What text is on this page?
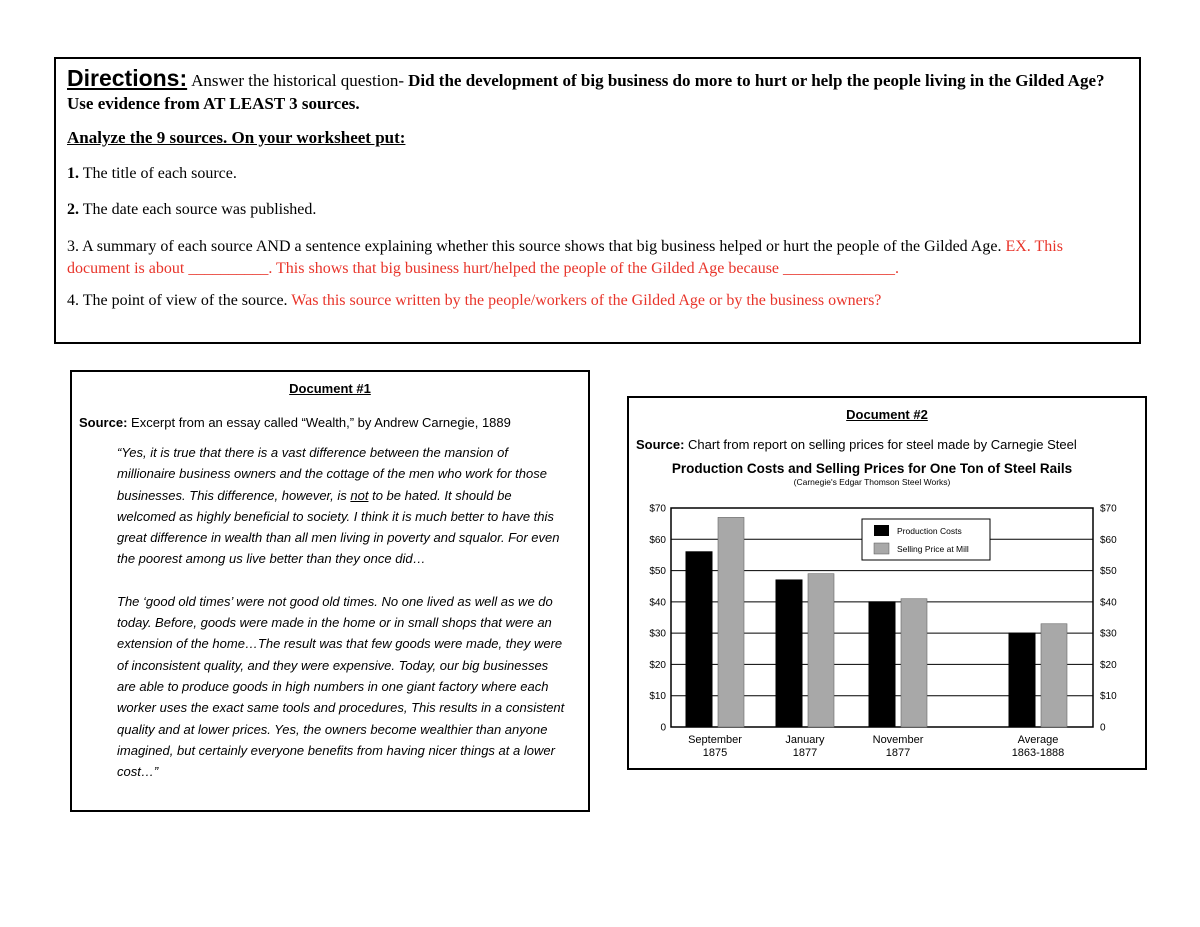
Directions: Answer the historical question- Did the development of big business do more to hurt or help the people living in the Gilded Age? Use evidence from AT LEAST 3 sources.

Analyze the 9 sources. On your worksheet put:

1. The title of each source.

2. The date each source was published.

3. A summary of each source AND a sentence explaining whether this source shows that big business helped or hurt the people of the Gilded Age. EX. This document is about __________. This shows that big business hurt/helped the people of the Gilded Age because ______________.

4. The point of view of the source. Was this source written by the people/workers of the Gilded Age or by the business owners?

Document #1
Source: Excerpt from an essay called “Wealth,” by Andrew Carnegie, 1889

“Yes, it is true that there is a vast difference between the mansion of millionaire business owners and the cottage of the men who work for those businesses. This difference, however, is not to be hated. It should be welcomed as highly beneficial to society. I think it is much better to have this great difference in wealth than all men living in poverty and squalor. For even the poorest among us live better than they once did…

The ‘good old times’ were not good old times. No one lived as well as we do today. Before, goods were made in the home or in small shops that were an extension of the home…The result was that few goods were made, they were of inconsistent quality, and they were expensive. Today, our big businesses are able to produce goods in high numbers in one giant factory where each worker uses the exact same tools and procedures, This results in a consistent quality and at lower prices. Yes, the owners become wealthier than anyone imagined, but certainly everyone benefits from having nicer things at a lower cost…”

Document #2
Source: Chart from report on selling prices for steel made by Carnegie Steel
Production Costs and Selling Prices for One Ton of Steel Rails
(Carnegie's Edgar Thomson Steel Works)
0	0
$10	$10
$20	$20
$30	$30
$40	$40
$50	$50
$60	$60
$70	$70
September
1875
January
1877
November
1877
Average
1863-1888
Production Costs
Selling Price at Mill
